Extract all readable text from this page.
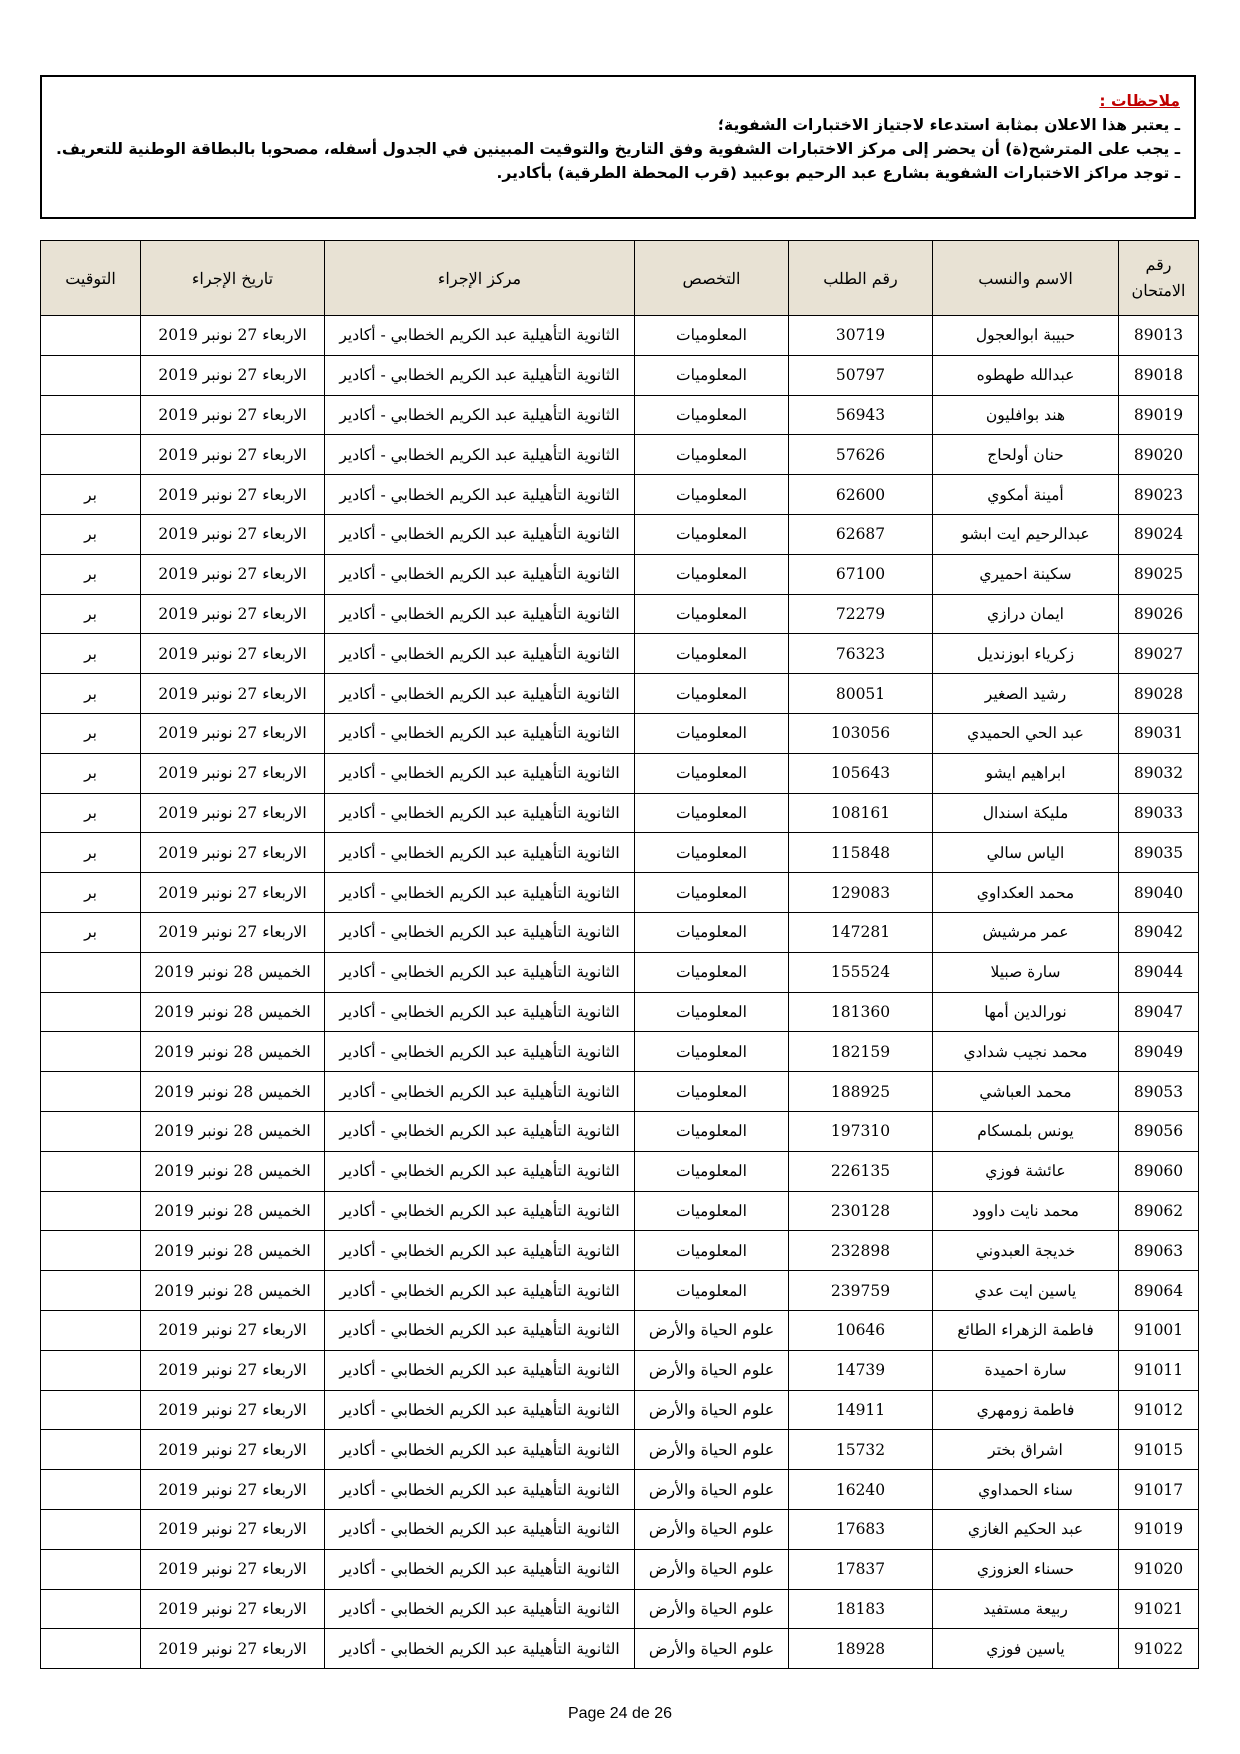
ملاحظات :
ـ يعتبر هذا الاعلان بمثابة استدعاء لاجتياز الاختبارات الشفوية؛
ـ يجب على المترشح(ة) أن يحضر إلى مركز الاختبارات الشفوية وفق التاريخ والتوقيت المبينين في الجدول أسفله، مصحوبا بالبطاقة الوطنية للتعريف.
ـ توجد مراكز الاختبارات الشفوية بشارع عبد الرحيم بوعبيد (قرب المحطة الطرقية) بأكادير.
رقم
الامتحان	الاسم والنسب	رقم الطلب	التخصص	مركز الإجراء	تاريخ الإجراء	التوقيت
89013	حبيبة ابوالعجول	30719	المعلوميات	الثانوية التأهيلية عبد الكريم الخطابي - أكادير	الاربعاء 27 نونبر 2019	
89018	عبدالله طهطوه	50797	المعلوميات	الثانوية التأهيلية عبد الكريم الخطابي - أكادير	الاربعاء 27 نونبر 2019	
89019	هند بوافليون	56943	المعلوميات	الثانوية التأهيلية عبد الكريم الخطابي - أكادير	الاربعاء 27 نونبر 2019	
89020	حنان أولحاج	57626	المعلوميات	الثانوية التأهيلية عبد الكريم الخطابي - أكادير	الاربعاء 27 نونبر 2019	
89023	أمينة أمكوي	62600	المعلوميات	الثانوية التأهيلية عبد الكريم الخطابي - أكادير	الاربعاء 27 نونبر 2019	بر
89024	عبدالرحيم ايت ابشو	62687	المعلوميات	الثانوية التأهيلية عبد الكريم الخطابي - أكادير	الاربعاء 27 نونبر 2019	بر
89025	سكينة احميري	67100	المعلوميات	الثانوية التأهيلية عبد الكريم الخطابي - أكادير	الاربعاء 27 نونبر 2019	بر
89026	ايمان درازي	72279	المعلوميات	الثانوية التأهيلية عبد الكريم الخطابي - أكادير	الاربعاء 27 نونبر 2019	بر
89027	زكرياء ابوزنديل	76323	المعلوميات	الثانوية التأهيلية عبد الكريم الخطابي - أكادير	الاربعاء 27 نونبر 2019	بر
89028	رشيد الصغير	80051	المعلوميات	الثانوية التأهيلية عبد الكريم الخطابي - أكادير	الاربعاء 27 نونبر 2019	بر
89031	عبد الحي الحميدي	103056	المعلوميات	الثانوية التأهيلية عبد الكريم الخطابي - أكادير	الاربعاء 27 نونبر 2019	بر
89032	ابراهيم ايشو	105643	المعلوميات	الثانوية التأهيلية عبد الكريم الخطابي - أكادير	الاربعاء 27 نونبر 2019	بر
89033	مليكة اسندال	108161	المعلوميات	الثانوية التأهيلية عبد الكريم الخطابي - أكادير	الاربعاء 27 نونبر 2019	بر
89035	الياس سالي	115848	المعلوميات	الثانوية التأهيلية عبد الكريم الخطابي - أكادير	الاربعاء 27 نونبر 2019	بر
89040	محمد العكداوي	129083	المعلوميات	الثانوية التأهيلية عبد الكريم الخطابي - أكادير	الاربعاء 27 نونبر 2019	بر
89042	عمر مرشيش	147281	المعلوميات	الثانوية التأهيلية عبد الكريم الخطابي - أكادير	الاربعاء 27 نونبر 2019	بر
89044	سارة صبيلا	155524	المعلوميات	الثانوية التأهيلية عبد الكريم الخطابي - أكادير	الخميس 28 نونبر 2019	
89047	نورالدين أمها	181360	المعلوميات	الثانوية التأهيلية عبد الكريم الخطابي - أكادير	الخميس 28 نونبر 2019	
89049	محمد نجيب شدادي	182159	المعلوميات	الثانوية التأهيلية عبد الكريم الخطابي - أكادير	الخميس 28 نونبر 2019	
89053	محمد العباشي	188925	المعلوميات	الثانوية التأهيلية عبد الكريم الخطابي - أكادير	الخميس 28 نونبر 2019	
89056	يونس بلمسكام	197310	المعلوميات	الثانوية التأهيلية عبد الكريم الخطابي - أكادير	الخميس 28 نونبر 2019	
89060	عائشة فوزي	226135	المعلوميات	الثانوية التأهيلية عبد الكريم الخطابي - أكادير	الخميس 28 نونبر 2019	
89062	محمد نايت داوود	230128	المعلوميات	الثانوية التأهيلية عبد الكريم الخطابي - أكادير	الخميس 28 نونبر 2019	
89063	خديجة العبدوني	232898	المعلوميات	الثانوية التأهيلية عبد الكريم الخطابي - أكادير	الخميس 28 نونبر 2019	
89064	ياسين ايت عدي	239759	المعلوميات	الثانوية التأهيلية عبد الكريم الخطابي - أكادير	الخميس 28 نونبر 2019	
91001	فاطمة الزهراء الطائع	10646	علوم الحياة والأرض	الثانوية التأهيلية عبد الكريم الخطابي - أكادير	الاربعاء 27 نونبر 2019	
91011	سارة احميدة	14739	علوم الحياة والأرض	الثانوية التأهيلية عبد الكريم الخطابي - أكادير	الاربعاء 27 نونبر 2019	
91012	فاطمة زومهري	14911	علوم الحياة والأرض	الثانوية التأهيلية عبد الكريم الخطابي - أكادير	الاربعاء 27 نونبر 2019	
91015	اشراق بختر	15732	علوم الحياة والأرض	الثانوية التأهيلية عبد الكريم الخطابي - أكادير	الاربعاء 27 نونبر 2019	
91017	سناء الحمداوي	16240	علوم الحياة والأرض	الثانوية التأهيلية عبد الكريم الخطابي - أكادير	الاربعاء 27 نونبر 2019	
91019	عبد الحكيم الغازي	17683	علوم الحياة والأرض	الثانوية التأهيلية عبد الكريم الخطابي - أكادير	الاربعاء 27 نونبر 2019	
91020	حسناء العزوزي	17837	علوم الحياة والأرض	الثانوية التأهيلية عبد الكريم الخطابي - أكادير	الاربعاء 27 نونبر 2019	
91021	ربيعة مستفيد	18183	علوم الحياة والأرض	الثانوية التأهيلية عبد الكريم الخطابي - أكادير	الاربعاء 27 نونبر 2019	
91022	ياسين فوزي	18928	علوم الحياة والأرض	الثانوية التأهيلية عبد الكريم الخطابي - أكادير	الاربعاء 27 نونبر 2019	
Page 24 de 26
